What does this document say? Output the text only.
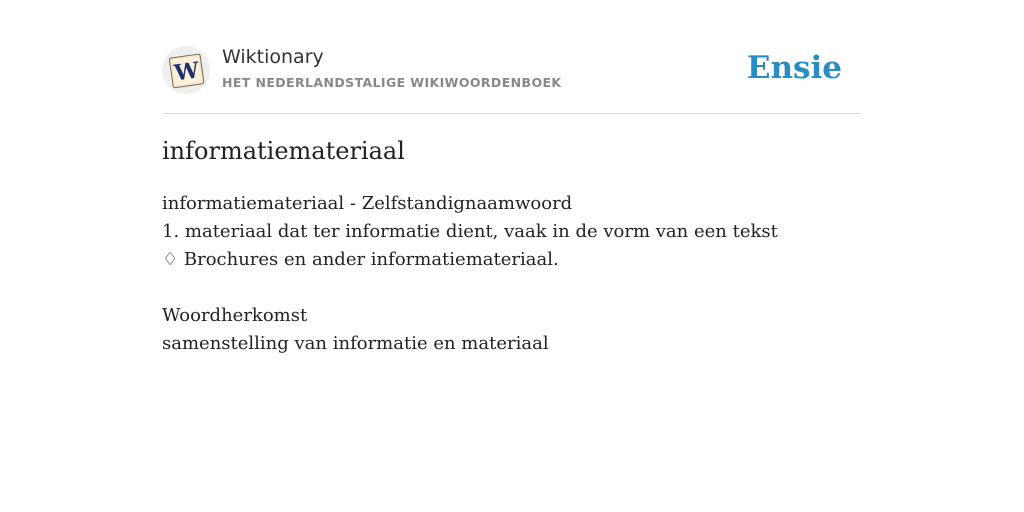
W
Wiktionary
HET NEDERLANDSTALIGE WIKIWOORDENBOEK	Ensie
informatiemateriaal
informatiemateriaal - Zelfstandignaamwoord
1. materiaal dat ter informatie dient, vaak in de vorm van een tekst
♢ Brochures en ander informatiemateriaal.
Woordherkomst
samenstelling van informatie en materiaal
